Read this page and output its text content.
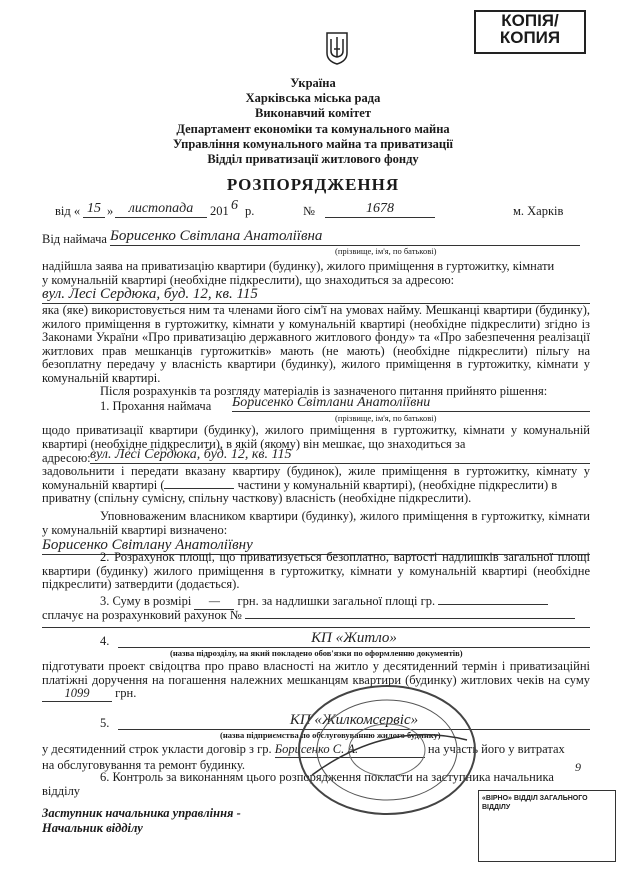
КОПІЯ/
КОПИЯ
Україна
Харківська міська рада
Виконавчий комітет
Департамент економіки та комунального майна
Управління комунального майна та приватизації
Відділ приватизації житлового фонду
РОЗПОРЯДЖЕННЯ
від « 15 »	листопада	201 6 р.	№	1678	м. Харків
Від наймача Борисенко Світлана Анатоліївна
(прізвище, ім'я, по батькові)
надійшла заява на приватизацію квартири (будинку), жилого приміщення в гуртожитку, кімнати
у комунальній квартирі (необхідне підкреслити), що знаходиться за адресою:
вул. Лесі Сердюка, буд. 12, кв. 115
яка (яке) використовується ним та членами його сім'ї на умовах найму. Мешканці квартири (будинку), жилого приміщення в гуртожитку, кімнати у комунальній квартирі (необхідне підкреслити) згідно із Законами України «Про приватизацію державного житлового фонду» та «Про забезпечення реалізації житлових прав мешканців гуртожитків» мають (не мають) (необхідне підкреслити) пільгу на безоплатну передачу у власність квартири (будинку), жилого приміщення в гуртожитку, кімнати у комунальній квартирі.
Після розрахунків та розгляду матеріалів із зазначеного питання прийнято рішення:
1. Прохання наймача Борисенко Світлани Анатоліївни
(прізвище, ім'я, по батькові)
щодо приватизації квартири (будинку), жилого приміщення в гуртожитку, кімнати у комунальній квартирі (необхідне підкреслити), в якій (якому) він мешкає, що знаходиться за
адресою: вул. Лесі Сердюка, буд. 12, кв. 115
задовольнити і передати вказану квартиру (будинок), жиле приміщення в гуртожитку, кімнату у комунальній квартирі (	частини у комунальній квартирі), (необхідне підкреслити) в
приватну (спільну сумісну, спільну часткову) власність (необхідне підкреслити).
Уповноваженим власником квартири (будинку), жилого приміщення в гуртожитку, кімнати у комунальній квартирі визначено:
Борисенко Світлану Анатоліївну
2. Розрахунок площі, що приватизується безоплатно, вартості надлишків загальної площі квартири (будинку) жилого приміщення в гуртожитку, кімнати у комунальній квартирі (необхідне підкреслити) затвердити (додається).
3. Суму в розмірі — грн. за надлишки загальної площі гр.
сплачує на розрахунковий рахунок №
4.	КП «Житло»
(назва підрозділу, на який покладено обов'язки по оформленню документів)
підготувати проект свідоцтва про право власності на житло у десятиденний термін і приватизаційні платіжні доручення на погашення належних мешканцям квартири (будинку) житлових чеків на суму 1099 грн.
5.	КП «Жилкомсервіс»
(назва підприємства по обслуговуванню жилого будинку)
у десятиденний строк укласти договір з гр. Борисенко С. А.	на участь його у витратах
на обслуговування та ремонт будинку.
6. Контроль за виконанням цього розпорядження покласти на заступника начальника
відділу
Заступник начальника управління -
Начальник відділу
«ВІРНО» ВІДДІЛ ЗАГАЛЬНОГО ВІДДІЛУ
9
